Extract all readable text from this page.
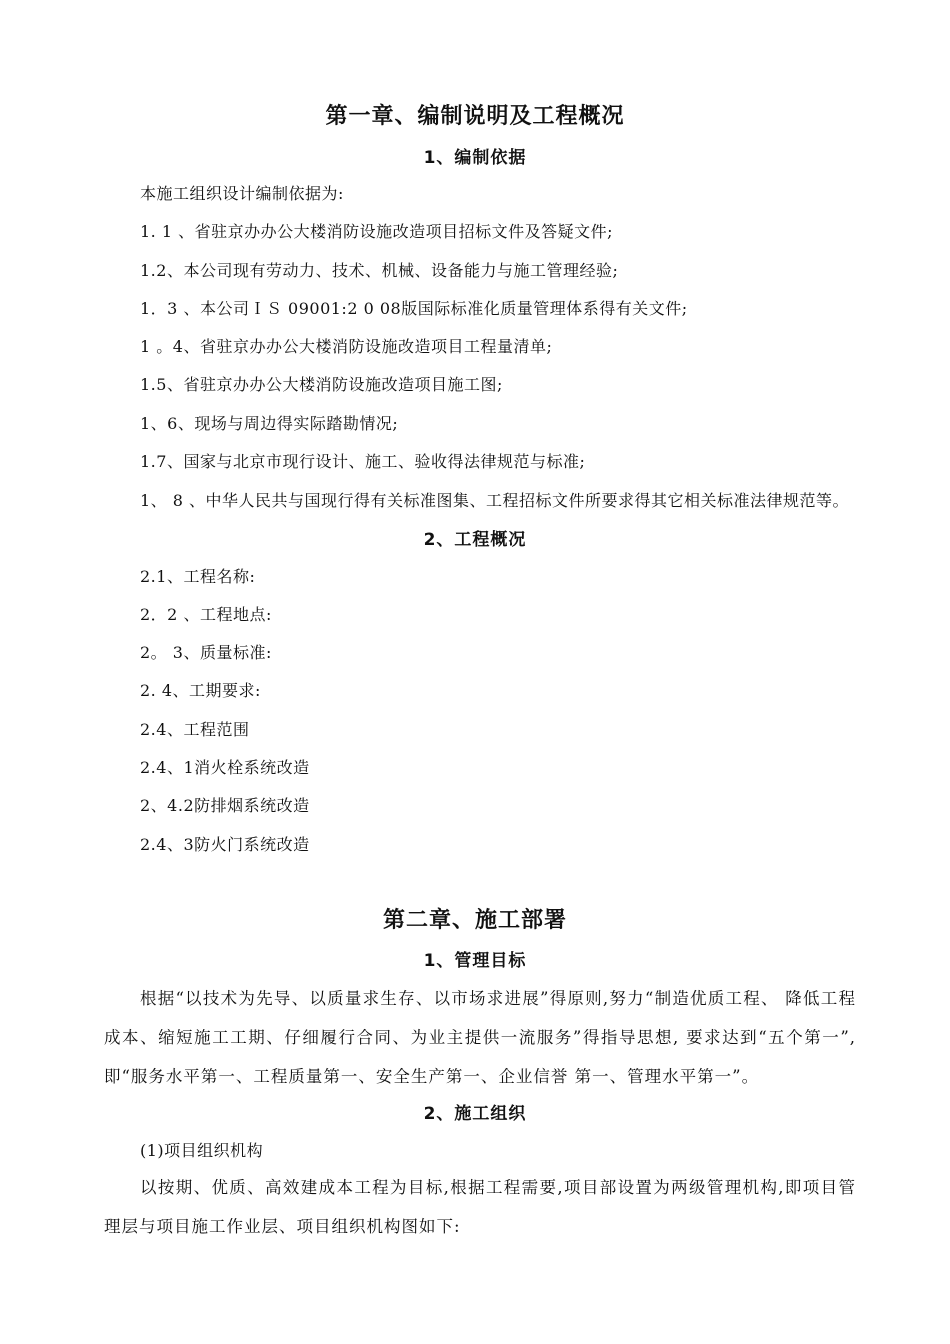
第一章、编制说明及工程概况
1、编制依据
本施工组织设计编制依据为:
1. 1 、省驻京办办公大楼消防设施改造项目招标文件及答疑文件;
1.2、本公司现有劳动力、技术、机械、设备能力与施工管理经验;
1．3 、本公司ＩＳ 09001:2 0 08版国际标准化质量管理体系得有关文件;
1 。4、省驻京办办公大楼消防设施改造项目工程量清单;
1.5、省驻京办办公大楼消防设施改造项目施工图;
1、6、现场与周边得实际踏勘情况;
1.7、国家与北京市现行设计、施工、验收得法律规范与标准;
1、 8 、中华人民共与国现行得有关标准图集、工程招标文件所要求得其它相关标准法律规范等。
2、工程概况
2.1、工程名称:
2．2 、工程地点:
2。 3、质量标准:
2. 4、工期要求:
2.4、工程范围
2.4、1消火栓系统改造
2、4.2防排烟系统改造
2.4、3防火门系统改造
第二章、施工部署
1、管理目标
根据“以技术为先导、以质量求生存、以市场求进展”得原则,努力“制造优质工程、 降低工程成本、缩短施工工期、仔细履行合同、为业主提供一流服务”得指导思想, 要求达到“五个第一”,即“服务水平第一、工程质量第一、安全生产第一、企业信誉 第一、管理水平第一”。
2、施工组织
(1)项目组织机构
以按期、优质、高效建成本工程为目标,根据工程需要,项目部设置为两级管理机构,即项目管理层与项目施工作业层、项目组织机构图如下:
